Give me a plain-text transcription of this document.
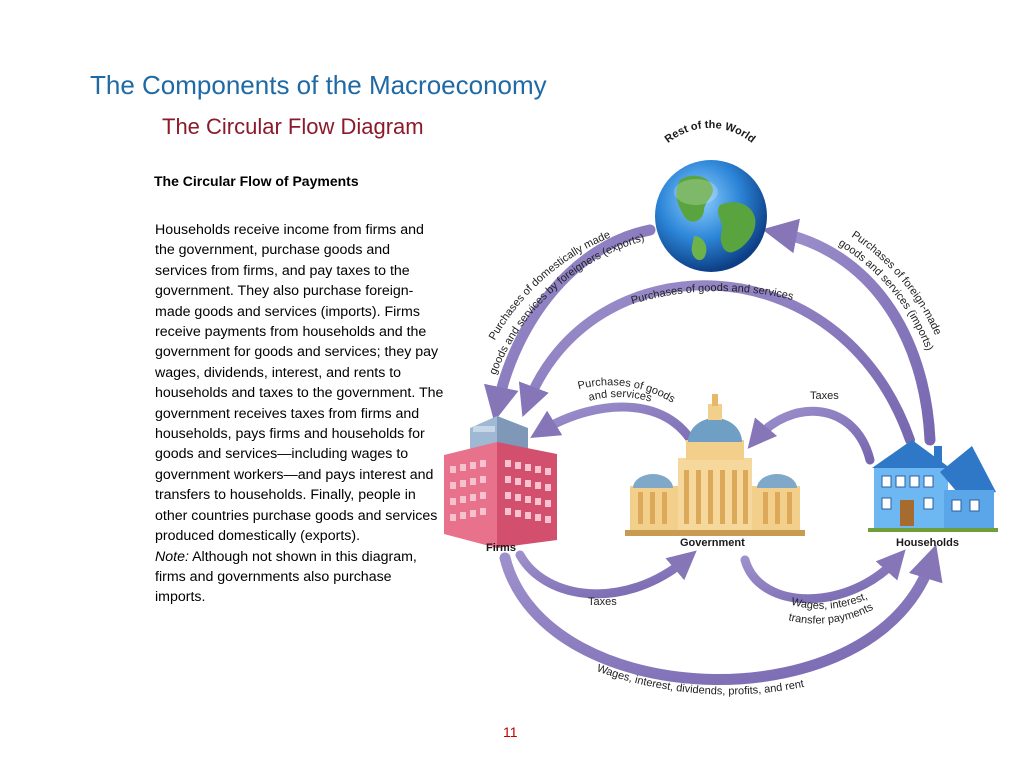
The Components of the Macroeconomy
The Circular Flow Diagram
The Circular Flow of Payments

Households receive income from firms and the government, purchase goods and services from firms, and pay taxes to the government. They also purchase foreign-made goods and services (imports). Firms receive payments from households and the government for goods and services; they pay wages, dividends, interest, and rents to households and taxes to the government. The government receives taxes from firms and households, pays firms and households for goods and services—including wages to government workers—and pays interest and transfers to households. Finally, people in other countries purchase goods and services produced domestically (exports).

Note: Although not shown in this diagram, firms and governments also purchase imports.

11
Rest of the World
Firms	Government	Households
Purchases of domestically made
goods and services by foreigners (exports)	Purchases of foreign-made
goods and services (imports)
Purchases of goods and services
Purchases of goods
and services	Taxes
Taxes	Wages, interest,
transfer payments
Wages, interest, dividends, profits, and rent
